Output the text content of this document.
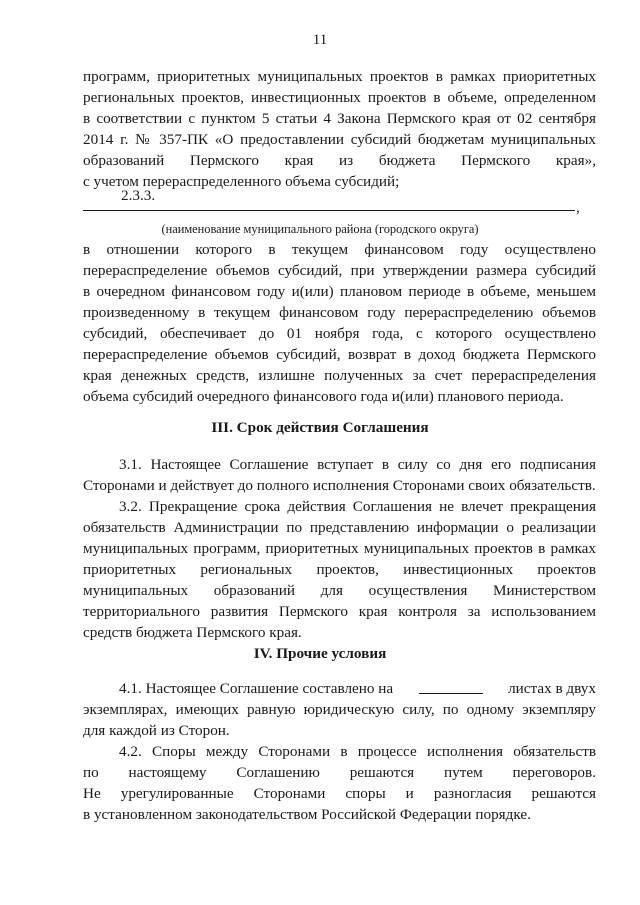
11
программ, приоритетных муниципальных проектов в рамках приоритетных
региональных проектов, инвестиционных проектов в объеме, определенном
в соответствии с пунктом 5 статьи 4 Закона Пермского края от 02 сентября
2014 г. № 357-ПК «О предоставлении субсидий бюджетам муниципальных
образований Пермского края из бюджета Пермского края»,
с учетом перераспределенного объема субсидий;
2.3.3.
,
(наименование муниципального района (городского округа)
в отношении которого в текущем финансовом году осуществлено
перераспределение объемов субсидий, при утверждении размера субсидий
в очередном финансовом году и(или) плановом периоде в объеме, меньшем
произведенному в текущем финансовом году перераспределению объемов
субсидий, обеспечивает до 01 ноября года, с которого осуществлено
перераспределение объемов субсидий, возврат в доход бюджета Пермского
края денежных средств, излишне полученных за счет перераспределения
объема субсидий очередного финансового года и(или) планового периода.
III. Срок действия Соглашения
3.1. Настоящее Соглашение вступает в силу со дня его подписания
Сторонами и действует до полного исполнения Сторонами своих обязательств.
3.2. Прекращение срока действия Соглашения не влечет прекращения
обязательств Администрации по представлению информации о реализации
муниципальных программ, приоритетных муниципальных проектов в рамках
приоритетных региональных проектов, инвестиционных проектов
муниципальных образований для осуществления Министерством
территориального развития Пермского края контроля за использованием
средств бюджета Пермского края.
IV. Прочие условия
4.1. Настоящее Соглашение составлено на	листах в двух
экземплярах, имеющих равную юридическую силу, по одному экземпляру
для каждой из Сторон.
4.2. Споры между Сторонами в процессе исполнения обязательств
по настоящему Соглашению решаются путем переговоров.
Не урегулированные Сторонами споры и разногласия решаются
в установленном законодательством Российской Федерации порядке.
